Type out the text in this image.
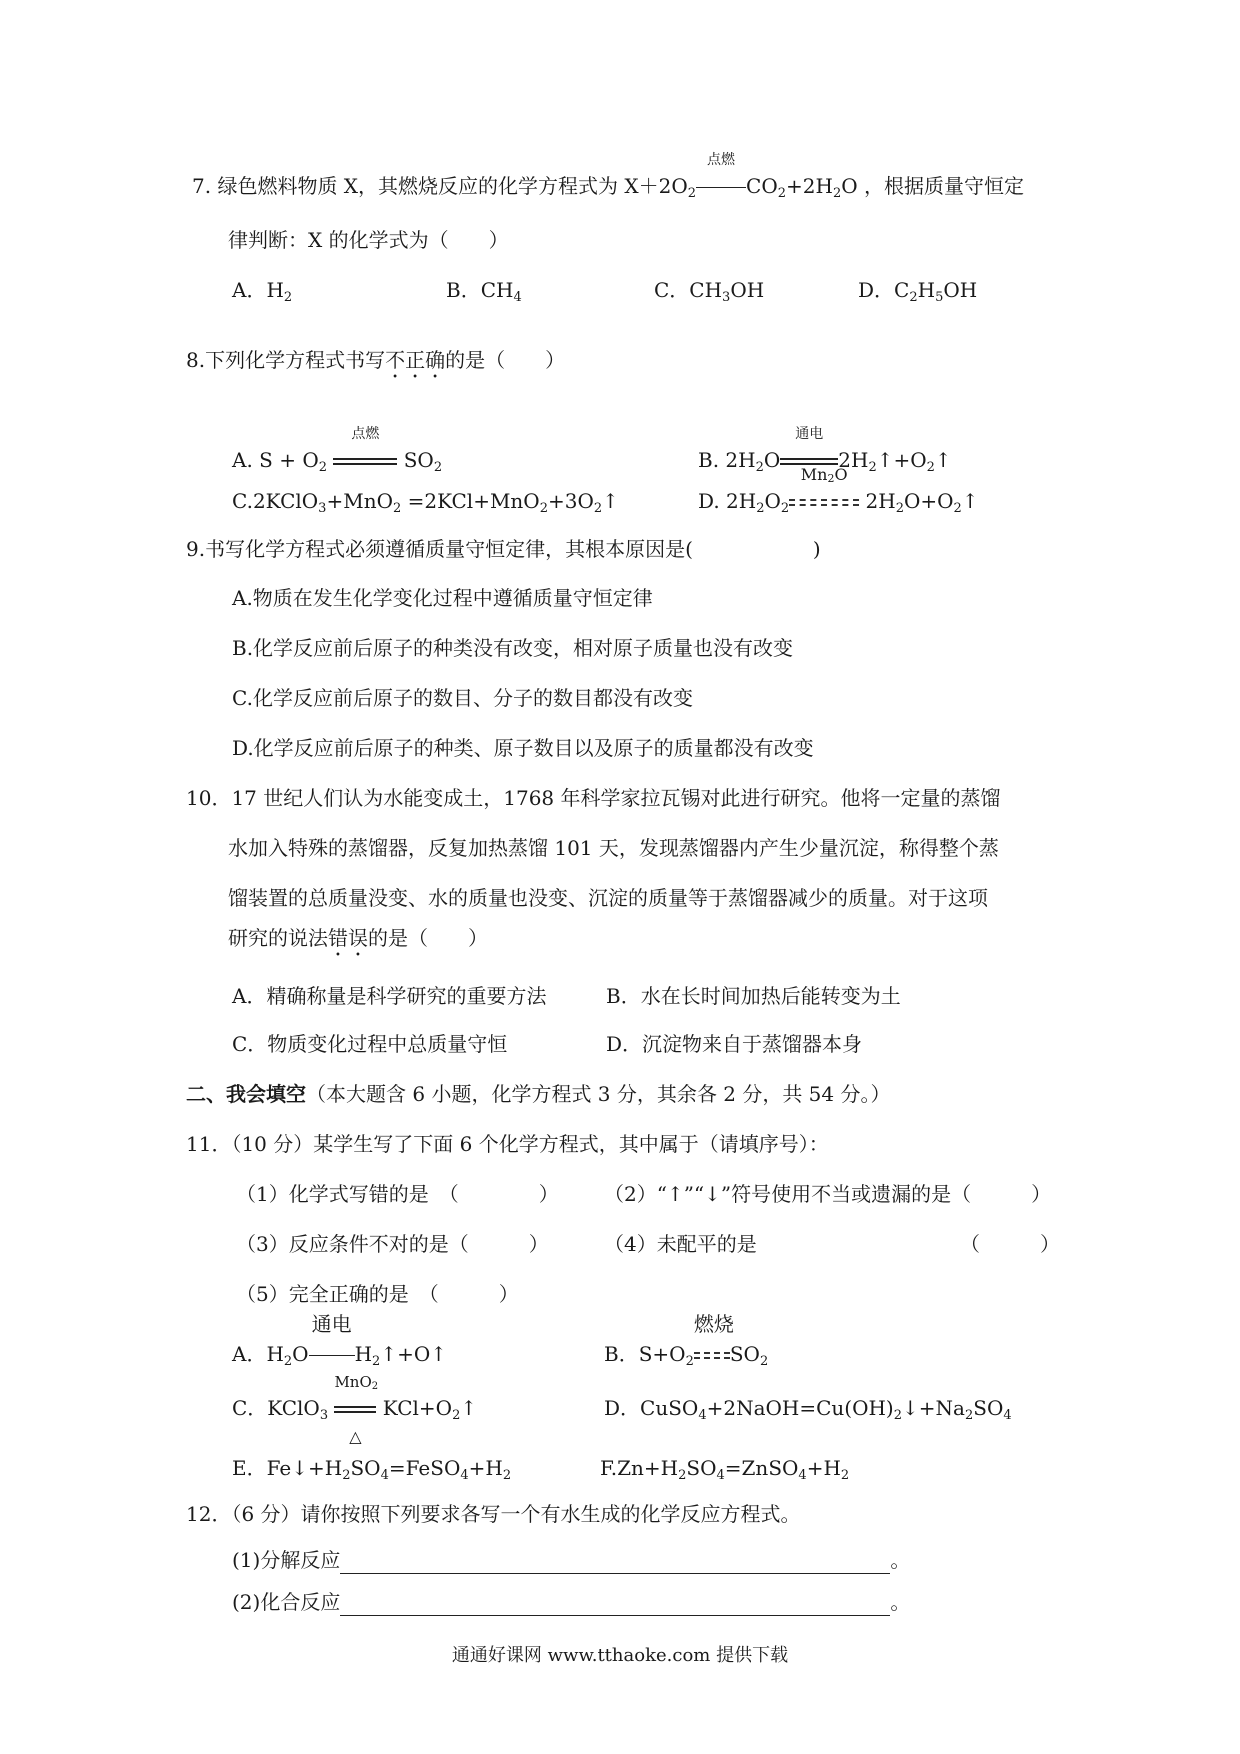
7. 绿色燃料物质 X，其燃烧反应的化学方程式为 $X+2O_2$
点燃
$CO_2+2H_2O$ ，根据质量守恒定
律判断：X 的化学式为（　　）
A．$H_2$	B．$CH_4$	C．$CH_3OH$	D．$C_2H_5OH$
8.下列化学方程式书写不正确的是（　　）
A. $S + O_2$
点燃
$SO_2$	B. $2H_2O$
通电
$2H_2↑+O_2↑$
C.2KClO$_3$+MnO$_2$ $=2KCl+MnO_2+3O_2↑$	D. $2H_2O_2$
$Mn_2O$
$2H_2O+O_2↑$
9.书写化学方程式必须遵循质量守恒定律，其根本原因是(　　　　　　)
A.物质在发生化学变化过程中遵循质量守恒定律
B.化学反应前后原子的种类没有改变，相对原子质量也没有改变
C.化学反应前后原子的数目、分子的数目都没有改变
D.化学反应前后原子的种类、原子数目以及原子的质量都没有改变
10．17 世纪人们认为水能变成土，1768 年科学家拉瓦锡对此进行研究。他将一定量的蒸馏
水加入特殊的蒸馏器，反复加热蒸馏 101 天，发现蒸馏器内产生少量沉淀，称得整个蒸
馏装置的总质量没变、水的质量也没变、沉淀的质量等于蒸馏器减少的质量。对于这项
研究的说法错误的是（　　）
A．精确称量是科学研究的重要方法	B．水在长时间加热后能转变为土
C．物质变化过程中总质量守恒	D．沉淀物来自于蒸馏器本身
二、我会填空（本大题含 6 小题，化学方程式 3 分，其余各 2 分，共 54 分。）
11．（10 分）某学生写了下面 6 个化学方程式，其中属于（请填序号）：
（1）化学式写错的是　（　　　　） （2）“↑”“↓”符号使用不当或遗漏的是（　　　）
（3）反应条件不对的是（　　　）	（4）未配平的是	（　　　）
（5）完全正确的是　（　　　）
A．$H_2O$
通电
$H_2↑+O↑$	B．$S+O_2$
燃烧
$SO_2$
C．KClO$_3$
MnO$_2$
△
$KCl+O_2↑$	D．$CuSO_4+2NaOH=Cu(OH)_2↓+Na_2SO_4$
E．$Fe↓+H_2SO_4=FeSO_4+H_2$	$F.Zn+H_2SO_4=ZnSO_4+H_2$
12．（6 分）请你按照下列要求各写一个有水生成的化学反应方程式。
(1)分解反应	。
(2)化合反应	。
通通好课网 www.tthaoke.com 提供下载
